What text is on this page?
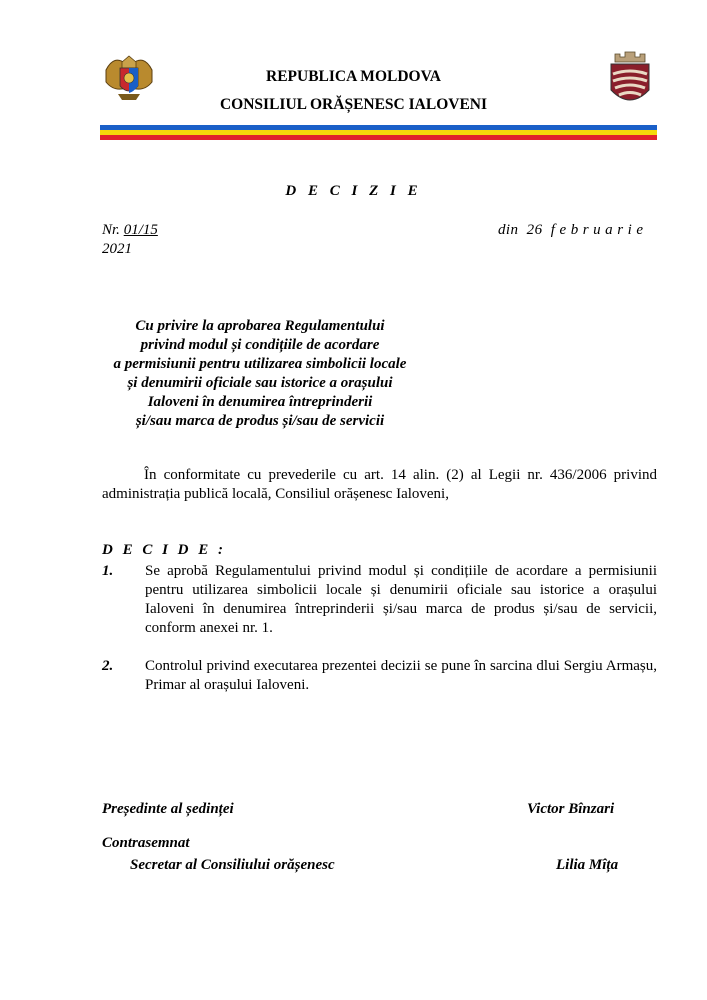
REPUBLICA MOLDOVA
CONSILIUL ORĂȘENESC IALOVENI
D E C I Z I E
Nr. 01/15	din  26  f e b r u a r i e
2021
Cu privire la aprobarea Regulamentului
privind modul și condițiile de acordare
a permisiunii pentru utilizarea simbolicii locale
și denumirii oficiale sau istorice a orașului
Ialoveni în denumirea întreprinderii
și/sau marca de produs și/sau de servicii
În conformitate cu prevederile cu art. 14 alin. (2) al Legii nr. 436/2006 privind administrația publică locală, Consiliul orășenesc Ialoveni,
D E C I D E :
1. Se aprobă Regulamentului privind modul și condițiile de acordare a permisiunii pentru utilizarea simbolicii locale și denumirii oficiale sau istorice a orașului Ialoveni în denumirea întreprinderii și/sau marca de produs și/sau de servicii, conform anexei nr. 1.
2. Controlul privind executarea prezentei decizii se pune în sarcina dlui Sergiu Armașu, Primar al orașului Ialoveni.
Președinte al ședinței	Victor Bînzari
Contrasemnat
Secretar al Consiliului orășenesc	Lilia Mîța
